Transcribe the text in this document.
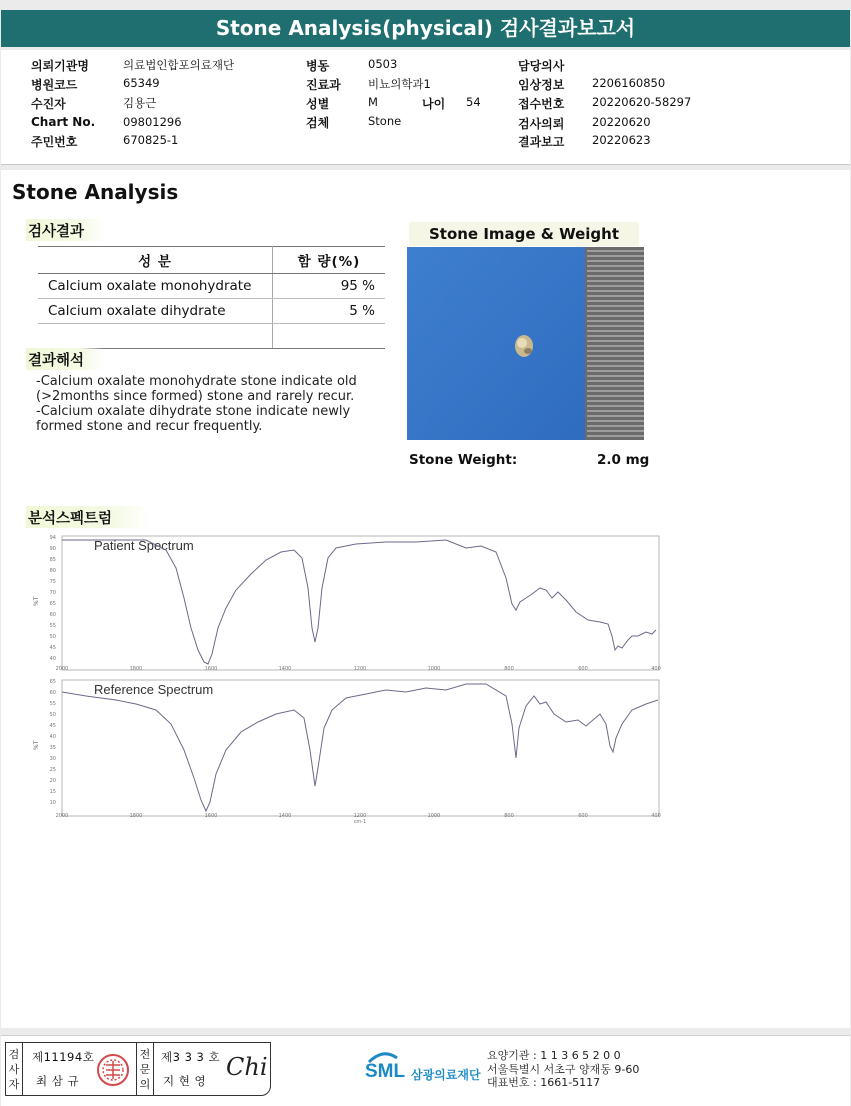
Stone Analysis(physical) 검사결과보고서
의뢰기관명	의료법인합포의료재단
병원코드	65349
수진자	김용근
Chart No. 09801296
주민번호	670825-1
병동	0503
진료과 비뇨의학과1
성별	M	나이 54
검체	Stone
담당의사
임상정보 2206160850
접수번호 20220620-58297
검사의뢰 20220620
결과보고 20220623
Stone Analysis
검사결과
성 분	함 량(%)
Calcium oxalate monohydrate	95 %
Calcium oxalate dihydrate	5 %

결과해석
-Calcium oxalate monohydrate stone indicate old (>2months since formed) stone and rarely recur.
-Calcium oxalate dihydrate stone indicate newly formed stone and recur frequently.
Stone Image & Weight
Stone Weight:	2.0 mg
분석스펙트럼
Patient Spectrum
%T
94
90
85
80
75
70
65
60
55
50
45
40
2000	1800	1600	1400	1200	1000	800	600	400
Reference Spectrum
%T
65
60
55
50
45
40
35
30
25
20
15
10
2000	1800	1600	1400	1200	1000	800	600	400
cm-1
검사자
제11194호
최 삼 규
전문의
제3 3 3 호
지 현 영 Chi	SML 삼광의료재단
요양기관 : 1 1 3 6 5 2 0 0
서울특별시 서초구 양재동 9-60
대표번호 : 1661-5117
